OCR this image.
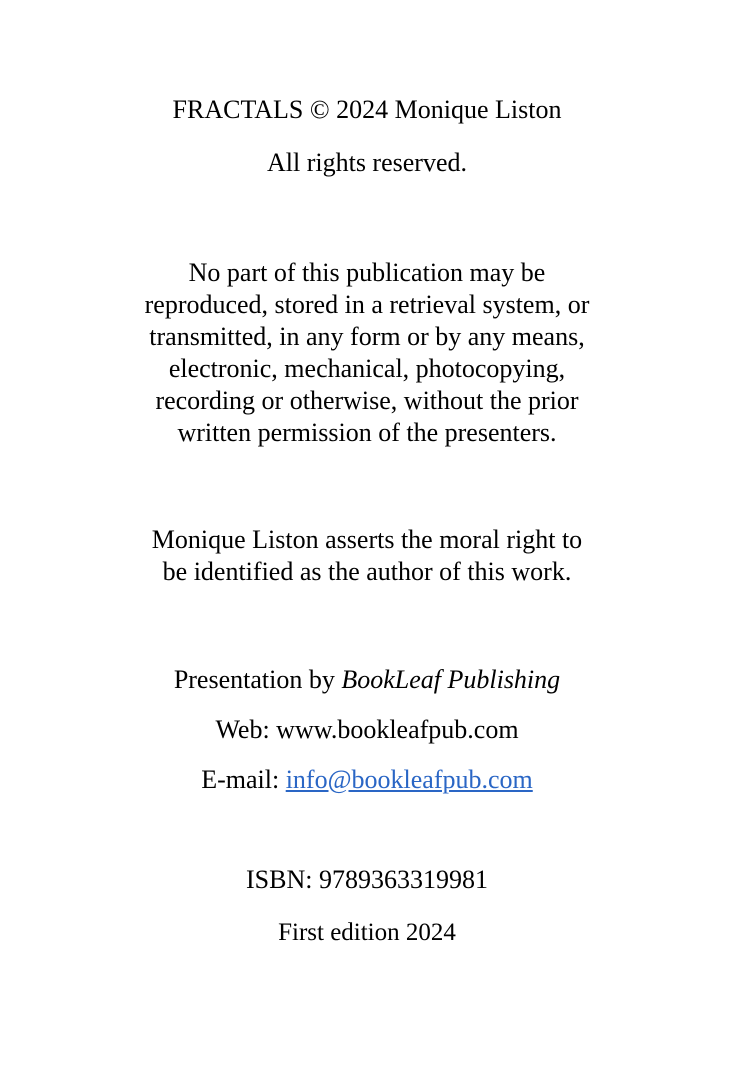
FRACTALS © 2024 Monique Liston
All rights reserved.
No part of this publication may be
reproduced, stored in a retrieval system, or
transmitted, in any form or by any means,
electronic, mechanical, photocopying,
recording or otherwise, without the prior
written permission of the presenters.
Monique Liston asserts the moral right to
be identified as the author of this work.
Presentation by BookLeaf Publishing
Web: www.bookleafpub.com
E-mail: info@bookleafpub.com
ISBN: 9789363319981
First edition 2024
